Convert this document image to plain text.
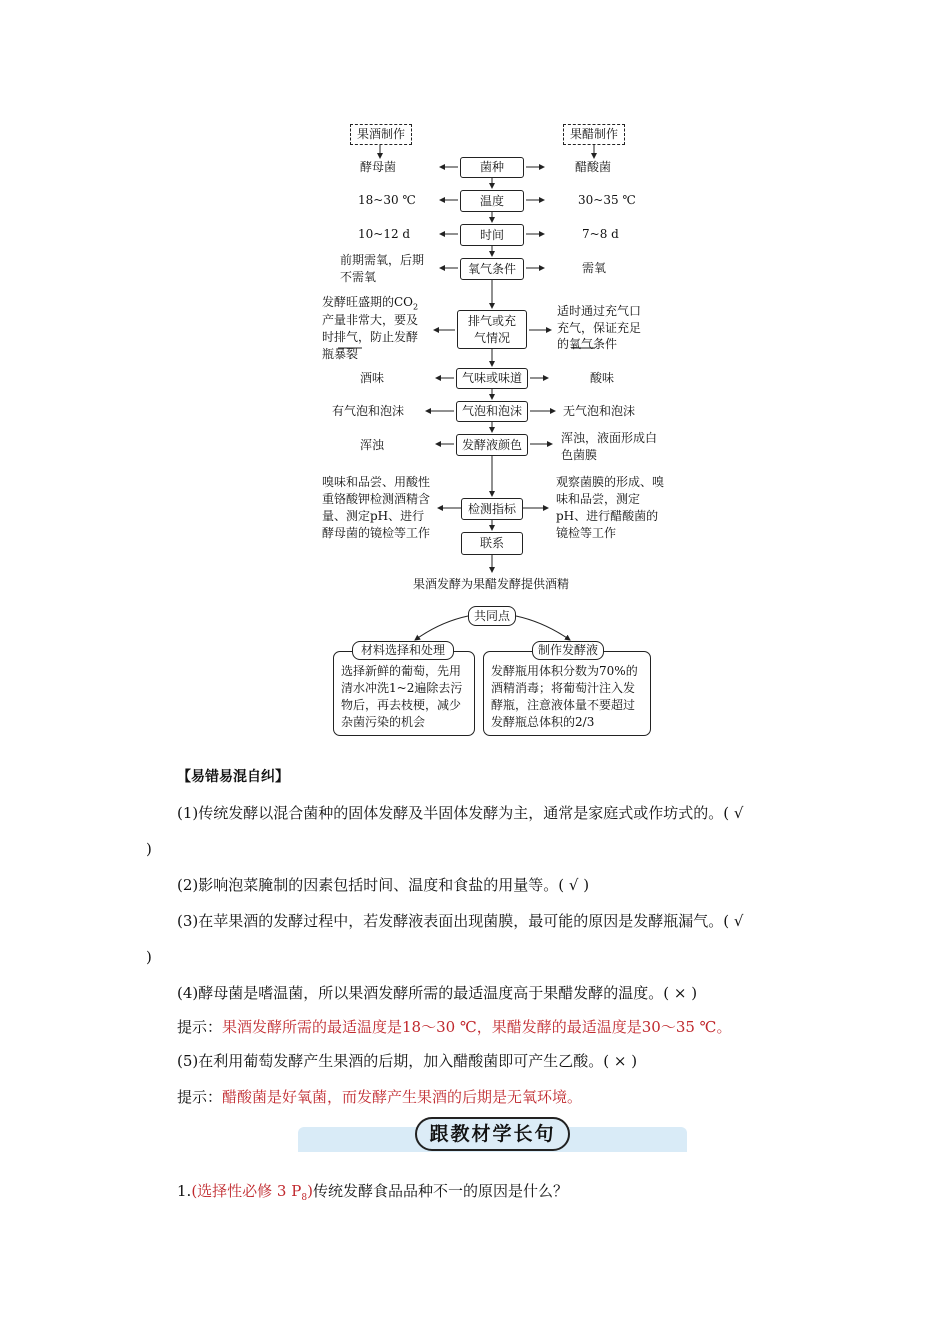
果酒制作	果醋制作
菌种
温度
时间
氧气条件
排气或充气情况
气味或味道
气泡和泡沫
发酵液颜色
检测指标
联系
酵母菌
18~30 ℃
10~12 d
前期需氧，后期不需氧
发酵旺盛期的$CO_2$
产量非常大，要及
时排气，防止发酵
瓶暴裂
酒味
有气泡和泡沫
浑浊
嗅味和品尝、用酸性重铬酸钾检测酒精含量、测定pH、进行酵母菌的镜检等工作
醋酸菌
30~35 ℃
7~8 d
需氧
适时通过充气口
充气，保证充足
的氧气条件
酸味
无气泡和泡沫
浑浊，液面形成白色菌膜
观察菌膜的形成、嗅味和品尝，测定pH、进行醋酸菌的镜检等工作
果酒发酵为果醋发酵提供酒精
共同点
选择新鲜的葡萄，先用清水冲洗1~2遍除去污物后，再去枝梗，减少杂菌污染的机会
材料选择和处理
发酵瓶用体积分数为70%的酒精消毒；将葡萄汁注入发酵瓶，注意液体量不要超过发酵瓶总体积的2/3
制作发酵液
【易错易混自纠】
(1)传统发酵以混合菌种的固体发酵及半固体发酵为主，通常是家庭式或作坊式的。( √
)
(2)影响泡菜腌制的因素包括时间、温度和食盐的用量等。( √ )
(3)在苹果酒的发酵过程中，若发酵液表面出现菌膜，最可能的原因是发酵瓶漏气。( √
)
(4)酵母菌是嗜温菌，所以果酒发酵所需的最适温度高于果醋发酵的温度。( × )
提示：果酒发酵所需的最适温度是18～30 ℃，果醋发酵的最适温度是30～35 ℃。
(5)在利用葡萄发酵产生果酒的后期，加入醋酸菌即可产生乙酸。( × )
提示：醋酸菌是好氧菌，而发酵产生果酒的后期是无氧环境。
跟教材学长句
1.(选择性必修 3 $P_8$)传统发酵食品品种不一的原因是什么？
